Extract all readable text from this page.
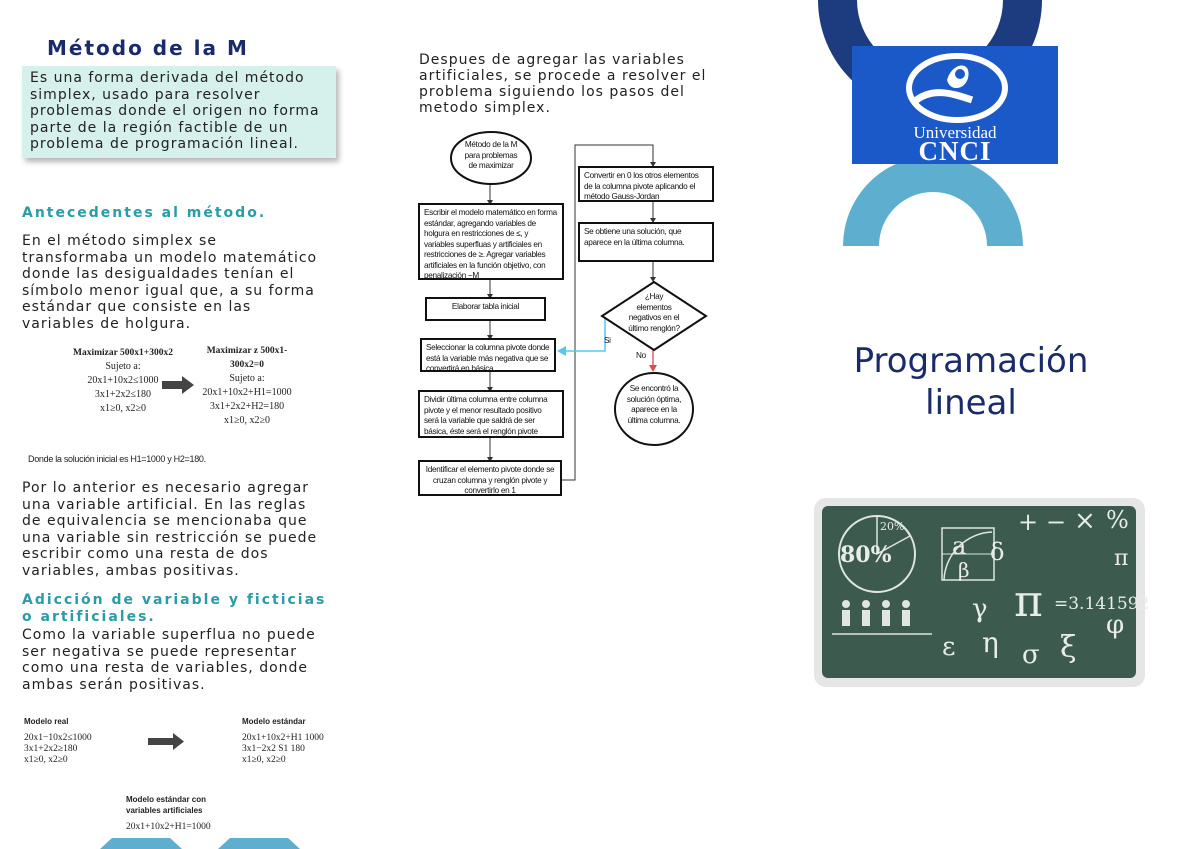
Método de la M
Es una forma derivada del método simplex, usado para resolver problemas donde el origen no forma parte de la región factible de un problema de programación lineal.
Antecedentes al método.
En el método simplex se transformaba un modelo matemático donde las desigualdades tenían el símbolo menor igual que, a su forma estándar que consiste en las variables de holgura.
Maximizar 500x1+300x2
Sujeto a:
20x1+10x2≤1000
3x1+2x2≤180
x1≥0, x2≥0
Maximizar z 500x1-300x2=0
Sujeto a:
20x1+10x2+H1=1000
3x1+2x2+H2=180
x1≥0, x2≥0
Donde la solución inicial es H1=1000 y H2=180.
Por lo anterior es necesario agregar una variable artificial. En las reglas de equivalencia se mencionaba que una variable sin restricción se puede escribir como una resta de dos variables, ambas positivas.
Adicción de variable y ficticias o artificiales.
Como la variable superflua no puede ser negativa se puede representar como una resta de variables, donde ambas serán positivas.
Modelo real
20x1−10x2≤1000
3x1+2x2≥180
x1≥0, x2≥0
Modelo estándar
20x1+10x2+H1 1000
3x1−2x2 S1 180
x1≥0, x2≥0
Modelo estándar con variables artificiales
20x1+10x2+H1=1000
Despues de agregar las variables artificiales, se procede a resolver el problema siguiendo los pasos del metodo simplex.
Método de la M para problemas de maximizar
Escribir el modelo matemático en forma estándar, agregando variables de holgura en restricciones de ≤, y variables superfluas y artificiales en restricciones de ≥. Agregar variables artificiales en la función objetivo, con penalización −M
Elaborar tabla inicial
Seleccionar la columna pivote donde está la variable más negativa que se convertirá en básica.
Dividir última columna entre columna pivote y el menor resultado positivo será la variable que saldrá de ser básica, éste será el renglón pivote
Identificar el elemento pivote donde se cruzan columna y renglón pivote y convertirlo en 1
Convertir en 0 los otros elementos de la columna pivote aplicando el método Gauss-Jordan
Se obtiene una solución, que aparece en la última columna.
¿Hay elementos negativos en el último renglón?
Si
No
Se encontró la solución óptima, aparece en la última columna.
Universidad
CNCI
Programación lineal
20%
80%
=3.141592
a δ
β
γ π
ε η σ ξ
φ
+ − × %
π
